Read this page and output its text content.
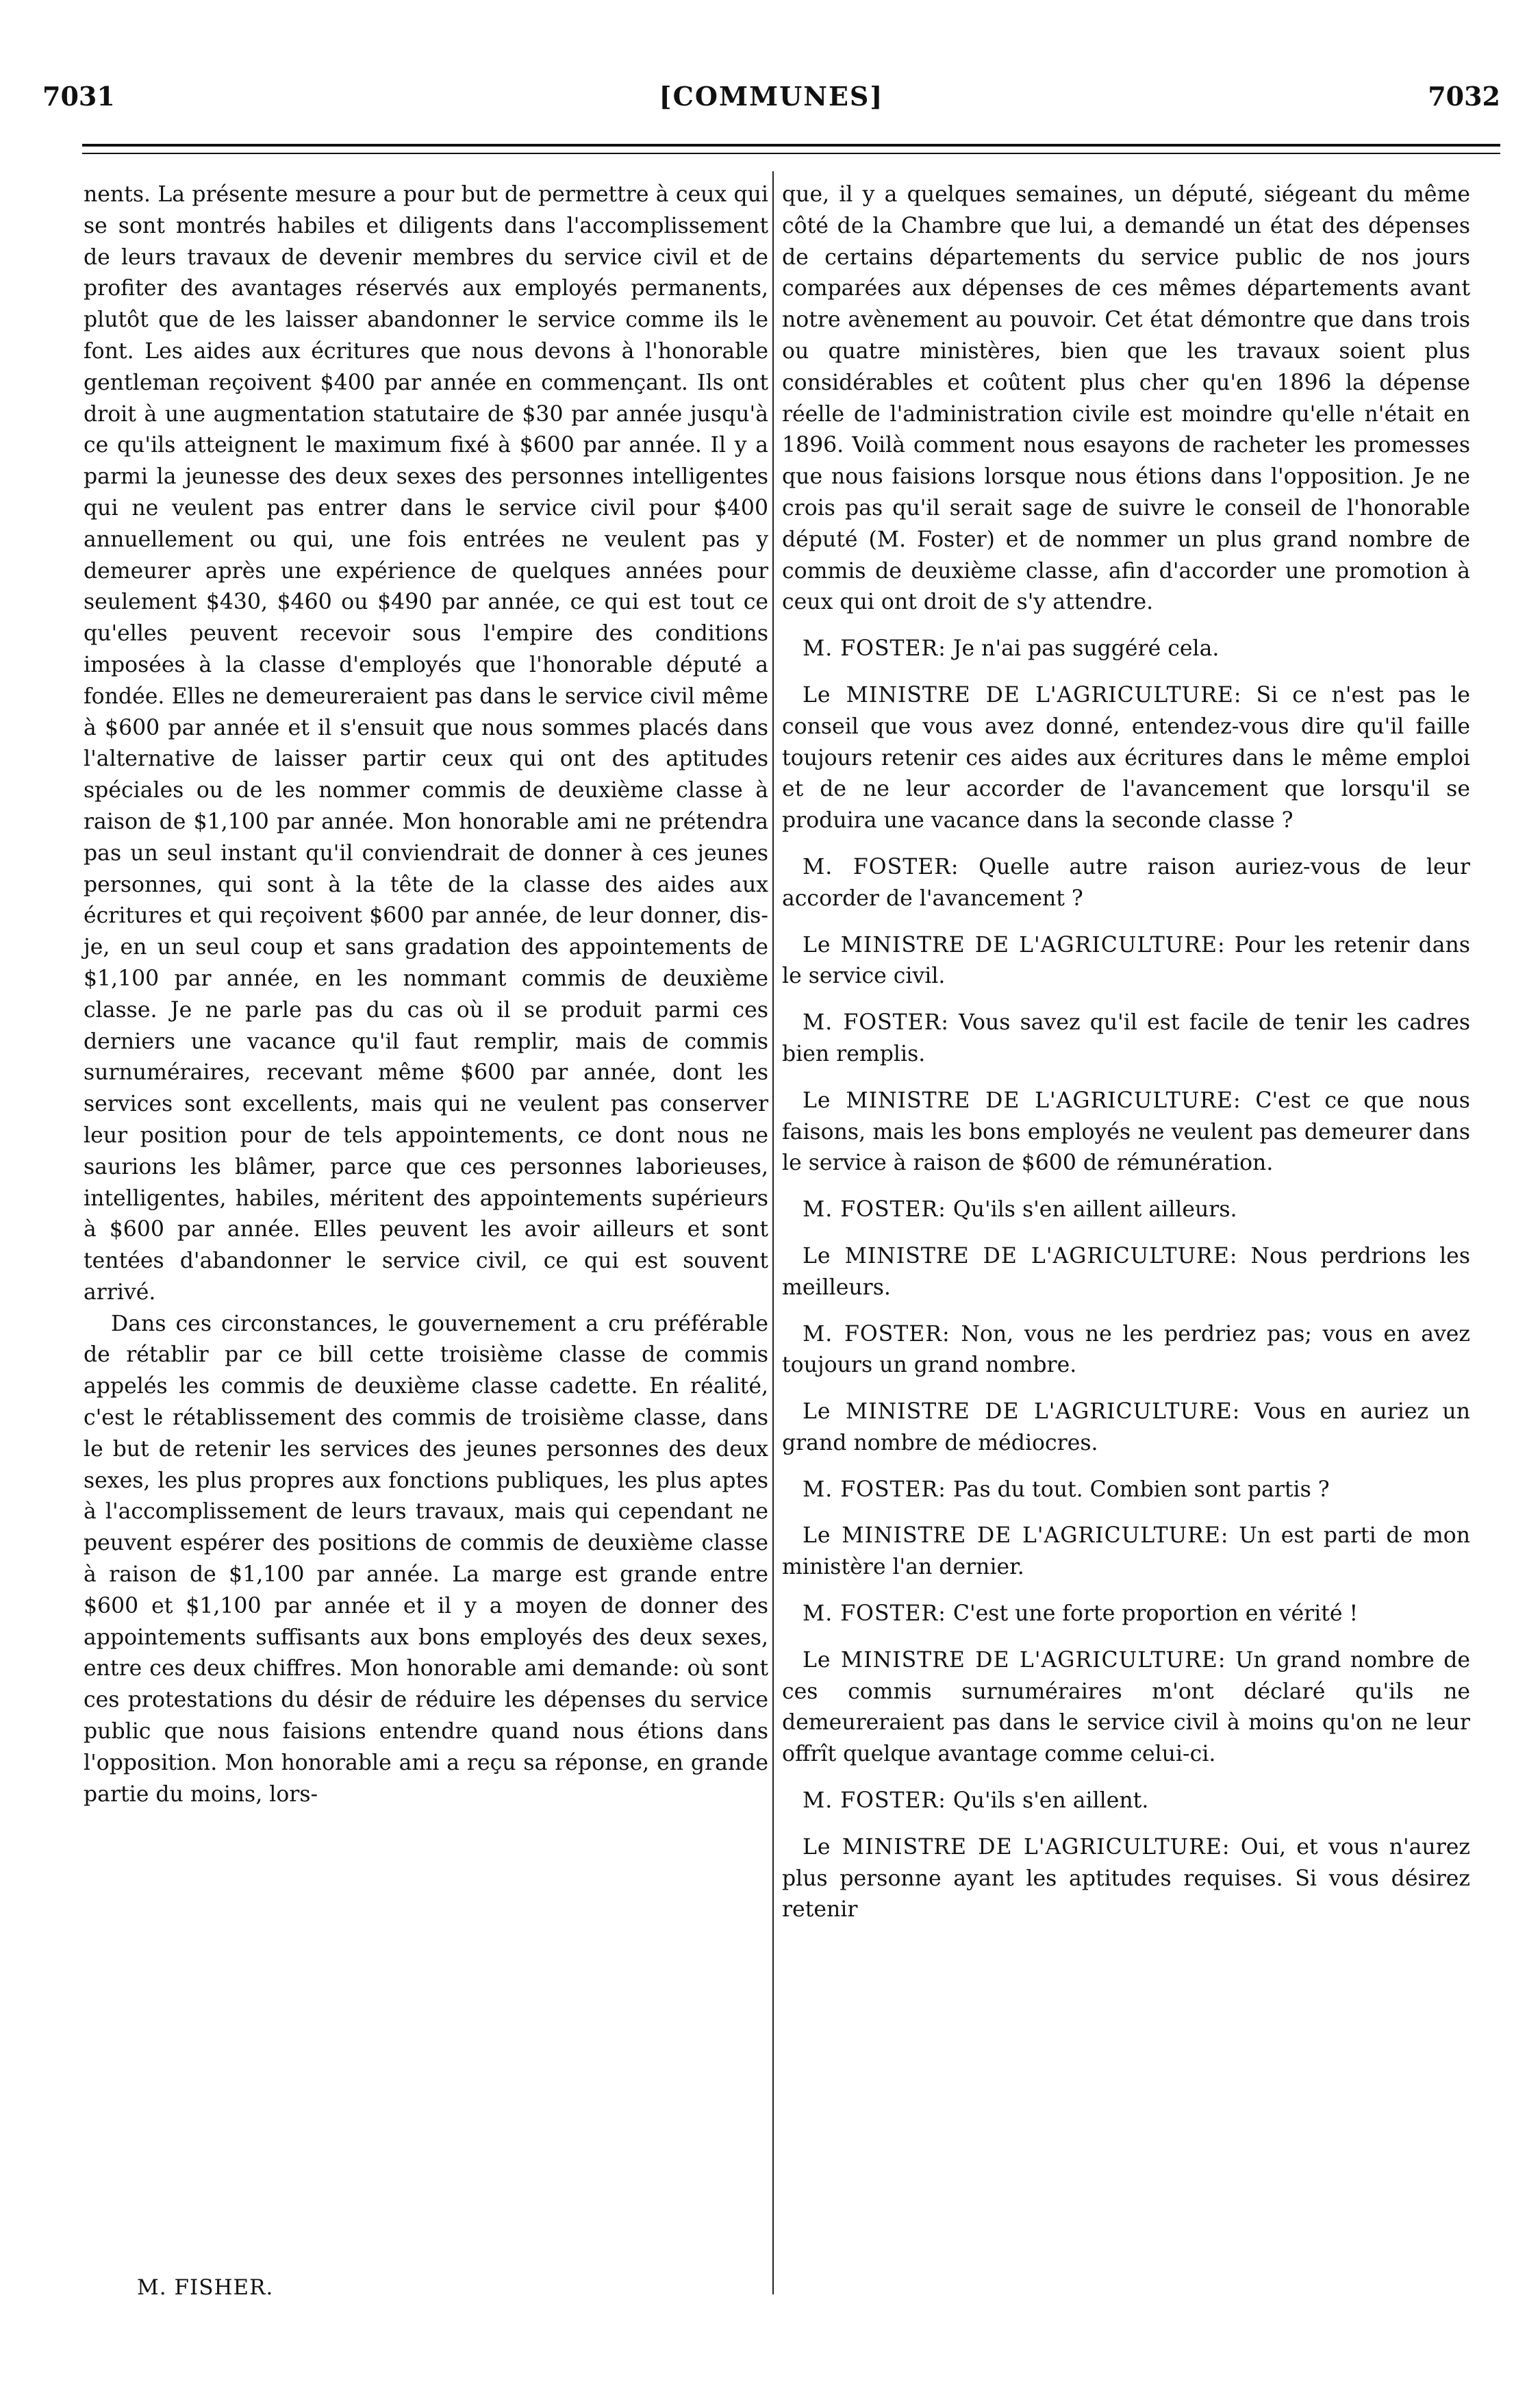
7031	[COMMUNES]	7032

nents. La présente mesure a pour but de permettre à ceux qui se sont montrés habiles et diligents dans l'accomplissement de leurs travaux de devenir membres du service civil et de profiter des avantages réservés aux employés permanents, plutôt que de les laisser abandonner le service comme ils le font. Les aides aux écritures que nous devons à l'honorable gentleman reçoivent $400 par année en commençant. Ils ont droit à une augmentation statutaire de $30 par année jusqu'à ce qu'ils atteignent le maximum fixé à $600 par année. Il y a parmi la jeunesse des deux sexes des personnes intelligentes qui ne veulent pas entrer dans le service civil pour $400 annuellement ou qui, une fois entrées ne veulent pas y demeurer après une expérience de quelques années pour seulement $430, $460 ou $490 par année, ce qui est tout ce qu'elles peuvent recevoir sous l'empire des conditions imposées à la classe d'employés que l'honorable député a fondée. Elles ne demeureraient pas dans le service civil même à $600 par année et il s'ensuit que nous sommes placés dans l'alternative de laisser partir ceux qui ont des aptitudes spéciales ou de les nommer commis de deuxième classe à raison de $1,100 par année. Mon honorable ami ne prétendra pas un seul instant qu'il conviendrait de donner à ces jeunes personnes, qui sont à la tête de la classe des aides aux écritures et qui reçoivent $600 par année, de leur donner, dis-je, en un seul coup et sans gradation des appointements de $1,100 par année, en les nommant commis de deuxième classe. Je ne parle pas du cas où il se produit parmi ces derniers une vacance qu'il faut remplir, mais de commis surnuméraires, recevant même $600 par année, dont les services sont excellents, mais qui ne veulent pas conserver leur position pour de tels appointements, ce dont nous ne saurions les blâmer, parce que ces personnes laborieuses, intelligentes, habiles, méritent des appointements supérieurs à $600 par année. Elles peuvent les avoir ailleurs et sont tentées d'abandonner le service civil, ce qui est souvent arrivé.

Dans ces circonstances, le gouvernement a cru préférable de rétablir par ce bill cette troisième classe de commis appelés les commis de deuxième classe cadette. En réalité, c'est le rétablissement des commis de troisième classe, dans le but de retenir les services des jeunes personnes des deux sexes, les plus propres aux fonctions publiques, les plus aptes à l'accomplissement de leurs travaux, mais qui cependant ne peuvent espérer des positions de commis de deuxième classe à raison de $1,100 par année. La marge est grande entre $600 et $1,100 par année et il y a moyen de donner des appointements suffisants aux bons employés des deux sexes, entre ces deux chiffres. Mon honorable ami demande: où sont ces protestations du désir de réduire les dépenses du service public que nous faisions entendre quand nous étions dans l'opposition. Mon honorable ami a reçu sa réponse, en grande partie du moins, lors-

M. FISHER.

que, il y a quelques semaines, un député, siégeant du même côté de la Chambre que lui, a demandé un état des dépenses de certains départements du service public de nos jours comparées aux dépenses de ces mêmes départements avant notre avènement au pouvoir. Cet état démontre que dans trois ou quatre ministères, bien que les travaux soient plus considérables et coûtent plus cher qu'en 1896 la dépense réelle de l'administration civile est moindre qu'elle n'était en 1896. Voilà comment nous esayons de racheter les promesses que nous faisions lorsque nous étions dans l'opposition. Je ne crois pas qu'il serait sage de suivre le conseil de l'honorable député (M. Foster) et de nommer un plus grand nombre de commis de deuxième classe, afin d'accorder une promotion à ceux qui ont droit de s'y attendre.

M. FOSTER: Je n'ai pas suggéré cela.

Le MINISTRE DE L'AGRICULTURE: Si ce n'est pas le conseil que vous avez donné, entendez-vous dire qu'il faille toujours retenir ces aides aux écritures dans le même emploi et de ne leur accorder de l'avancement que lorsqu'il se produira une vacance dans la seconde classe ?

M. FOSTER: Quelle autre raison auriez-vous de leur accorder de l'avancement ?

Le MINISTRE DE L'AGRICULTURE: Pour les retenir dans le service civil.

M. FOSTER: Vous savez qu'il est facile de tenir les cadres bien remplis.

Le MINISTRE DE L'AGRICULTURE: C'est ce que nous faisons, mais les bons employés ne veulent pas demeurer dans le service à raison de $600 de rémunération.

M. FOSTER: Qu'ils s'en aillent ailleurs.

Le MINISTRE DE L'AGRICULTURE: Nous perdrions les meilleurs.

M. FOSTER: Non, vous ne les perdriez pas; vous en avez toujours un grand nombre.

Le MINISTRE DE L'AGRICULTURE: Vous en auriez un grand nombre de médiocres.

M. FOSTER: Pas du tout. Combien sont partis ?

Le MINISTRE DE L'AGRICULTURE: Un est parti de mon ministère l'an dernier.

M. FOSTER: C'est une forte proportion en vérité !

Le MINISTRE DE L'AGRICULTURE: Un grand nombre de ces commis surnuméraires m'ont déclaré qu'ils ne demeureraient pas dans le service civil à moins qu'on ne leur offrît quelque avantage comme celui-ci.

M. FOSTER: Qu'ils s'en aillent.

Le MINISTRE DE L'AGRICULTURE: Oui, et vous n'aurez plus personne ayant les aptitudes requises. Si vous désirez retenir
